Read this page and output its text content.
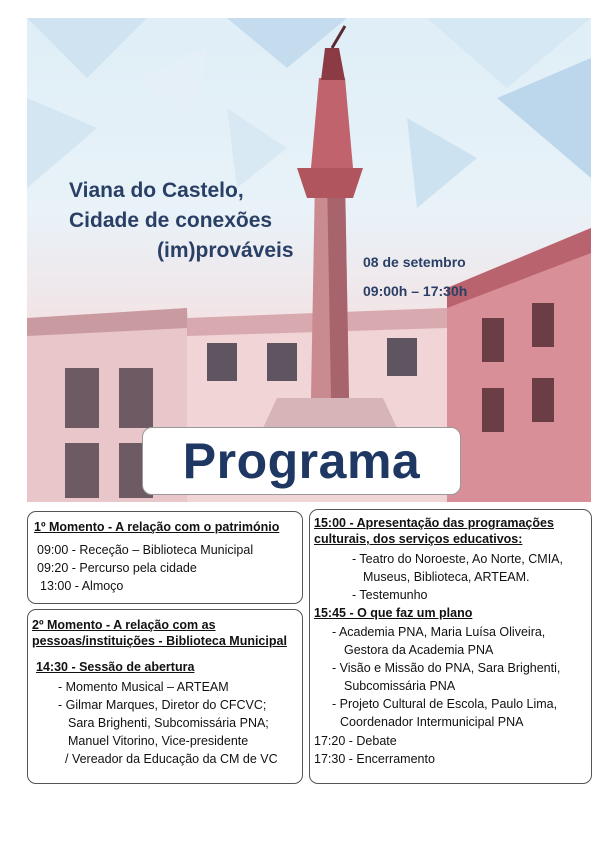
Viana do Castelo,
Cidade de conexões
(im)prováveis	08 de setembro
09:00h – 17:30h
Programa
1º Momento - A relação com o património
09:00 - Receção – Biblioteca Municipal
09:20 - Percurso pela cidade
13:00 - Almoço
2º Momento - A relação com as
pessoas/instituições - Biblioteca Municipal
14:30 - Sessão de abertura
- Momento Musical – ARTEAM
- Gilmar Marques, Diretor do CFCVC;
Sara Brighenti, Subcomissária PNA;
Manuel Vitorino, Vice-presidente
/ Vereador da Educação da CM de VC
15:00 - Apresentação das programações
culturais, dos serviços educativos:
- Teatro do Noroeste, Ao Norte, CMIA,
Museus, Biblioteca, ARTEAM.
- Testemunho
15:45 - O que faz um plano
- Academia PNA, Maria Luísa Oliveira,
Gestora da Academia PNA
- Visão e Missão do PNA, Sara Brighenti,
Subcomissária PNA
- Projeto Cultural de Escola, Paulo Lima,
Coordenador Intermunicipal PNA
17:20 - Debate
17:30 - Encerramento
